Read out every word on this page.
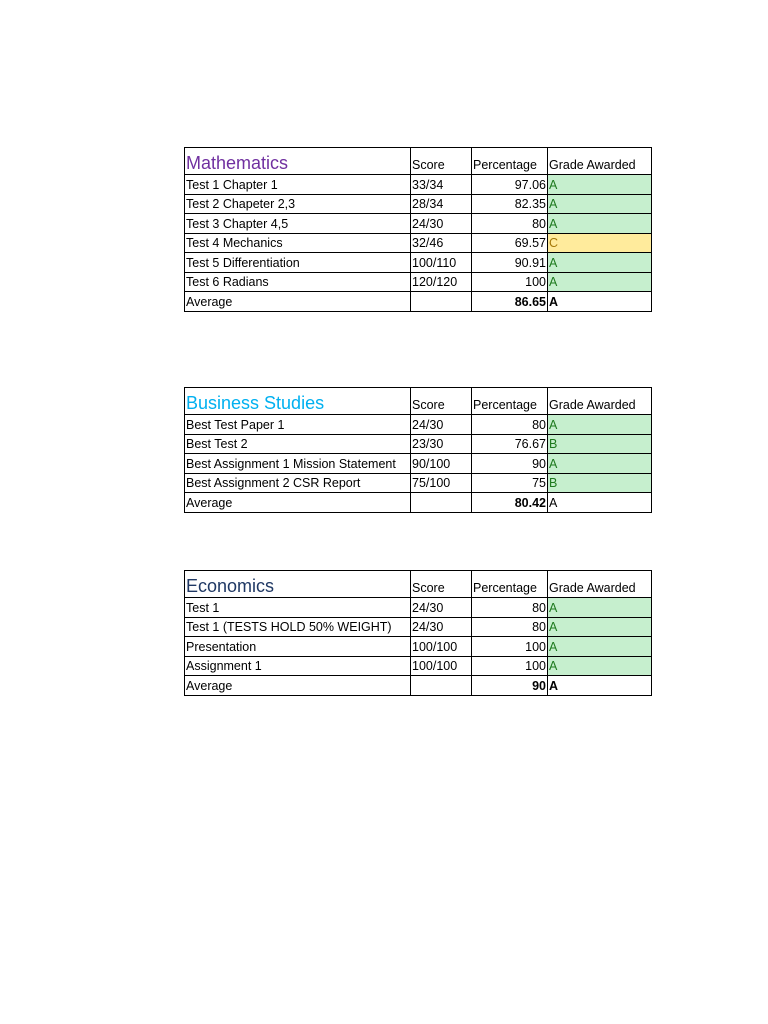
Mathematics	Score	Percentage	Grade Awarded
Test 1 Chapter 1	33/34	97.06	A
Test 2 Chapeter 2,3	28/34	82.35	A
Test 3 Chapter 4,5	24/30	80	A
Test 4 Mechanics	32/46	69.57	C
Test 5 Differentiation	100/110	90.91	A
Test 6 Radians	120/120	100	A
Average		86.65	A
Business Studies	Score	Percentage	Grade Awarded
Best Test Paper 1	24/30	80	A
Best Test 2	23/30	76.67	B
Best Assignment 1 Mission Statement	90/100	90	A
Best Assignment 2 CSR Report	75/100	75	B
Average		80.42	A
Economics	Score	Percentage	Grade Awarded
Test 1	24/30	80	A
Test 1 (TESTS HOLD 50% WEIGHT)	24/30	80	A
Presentation	100/100	100	A
Assignment 1	100/100	100	A
Average		90	A
